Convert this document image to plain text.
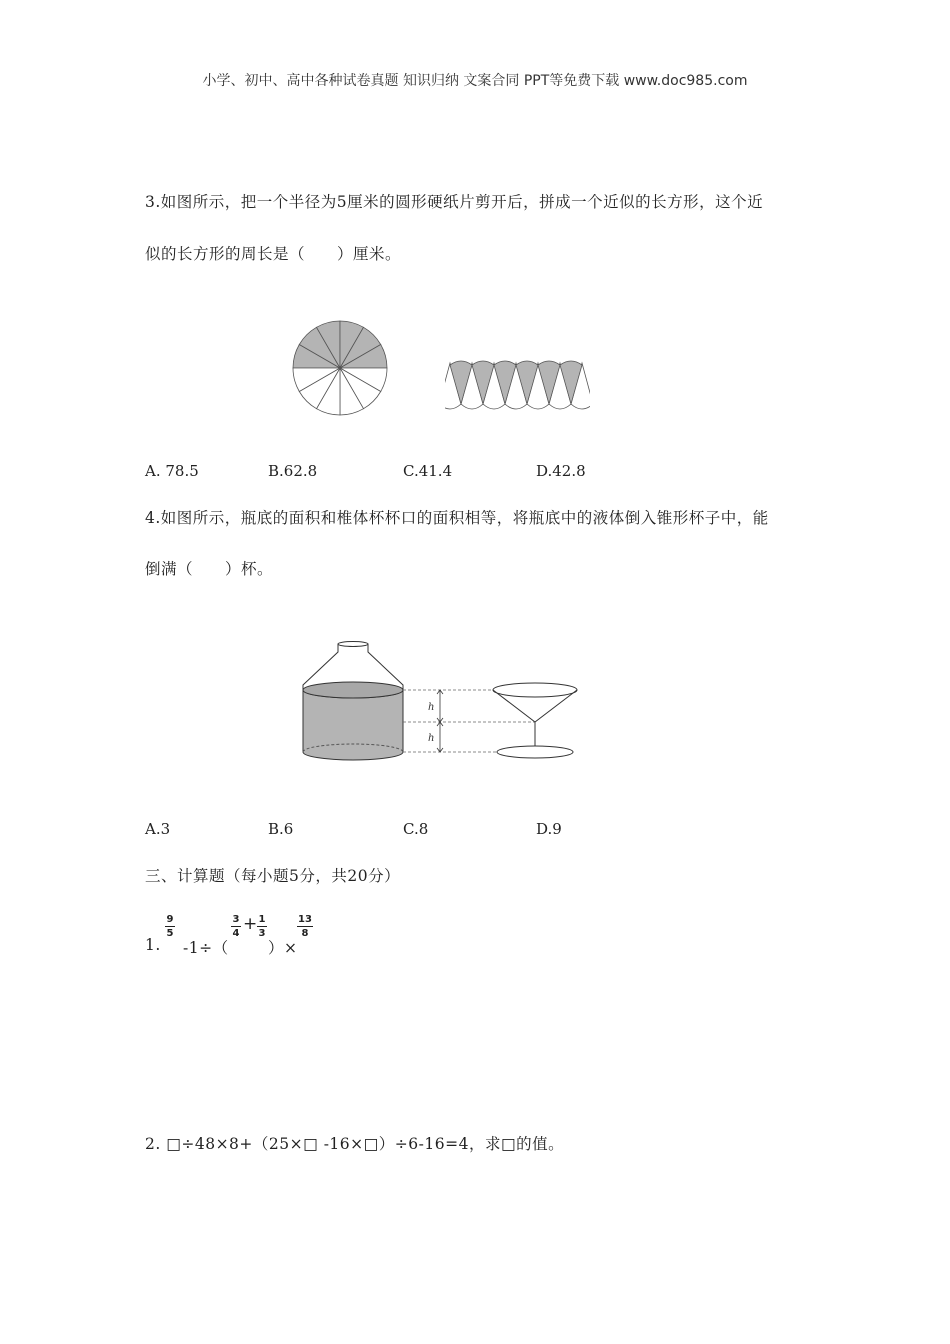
小学、初中、高中各种试卷真题 知识归纳 文案合同 PPT等免费下载 www.doc985.com
3.如图所示，把一个半径为5厘米的圆形硬纸片剪开后，拼成一个近似的长方形，这个近
似的长方形的周长是（　　）厘米。
A. 78.5	B.62.8	C.41.4	D.42.8
4.如图所示，瓶底的面积和椎体杯杯口的面积相等，将瓶底中的液体倒入锥形杯子中，能
倒满（　　）杯。
h
h
A.3	B.6	C.8	D.9
三、计算题（每小题5分，共20分）
1.
9
5
-1÷（
3
4 + 1
3
）×
13
8
2. □÷48×8+（25×□ -16×□）÷6-16=4，求□的值。
